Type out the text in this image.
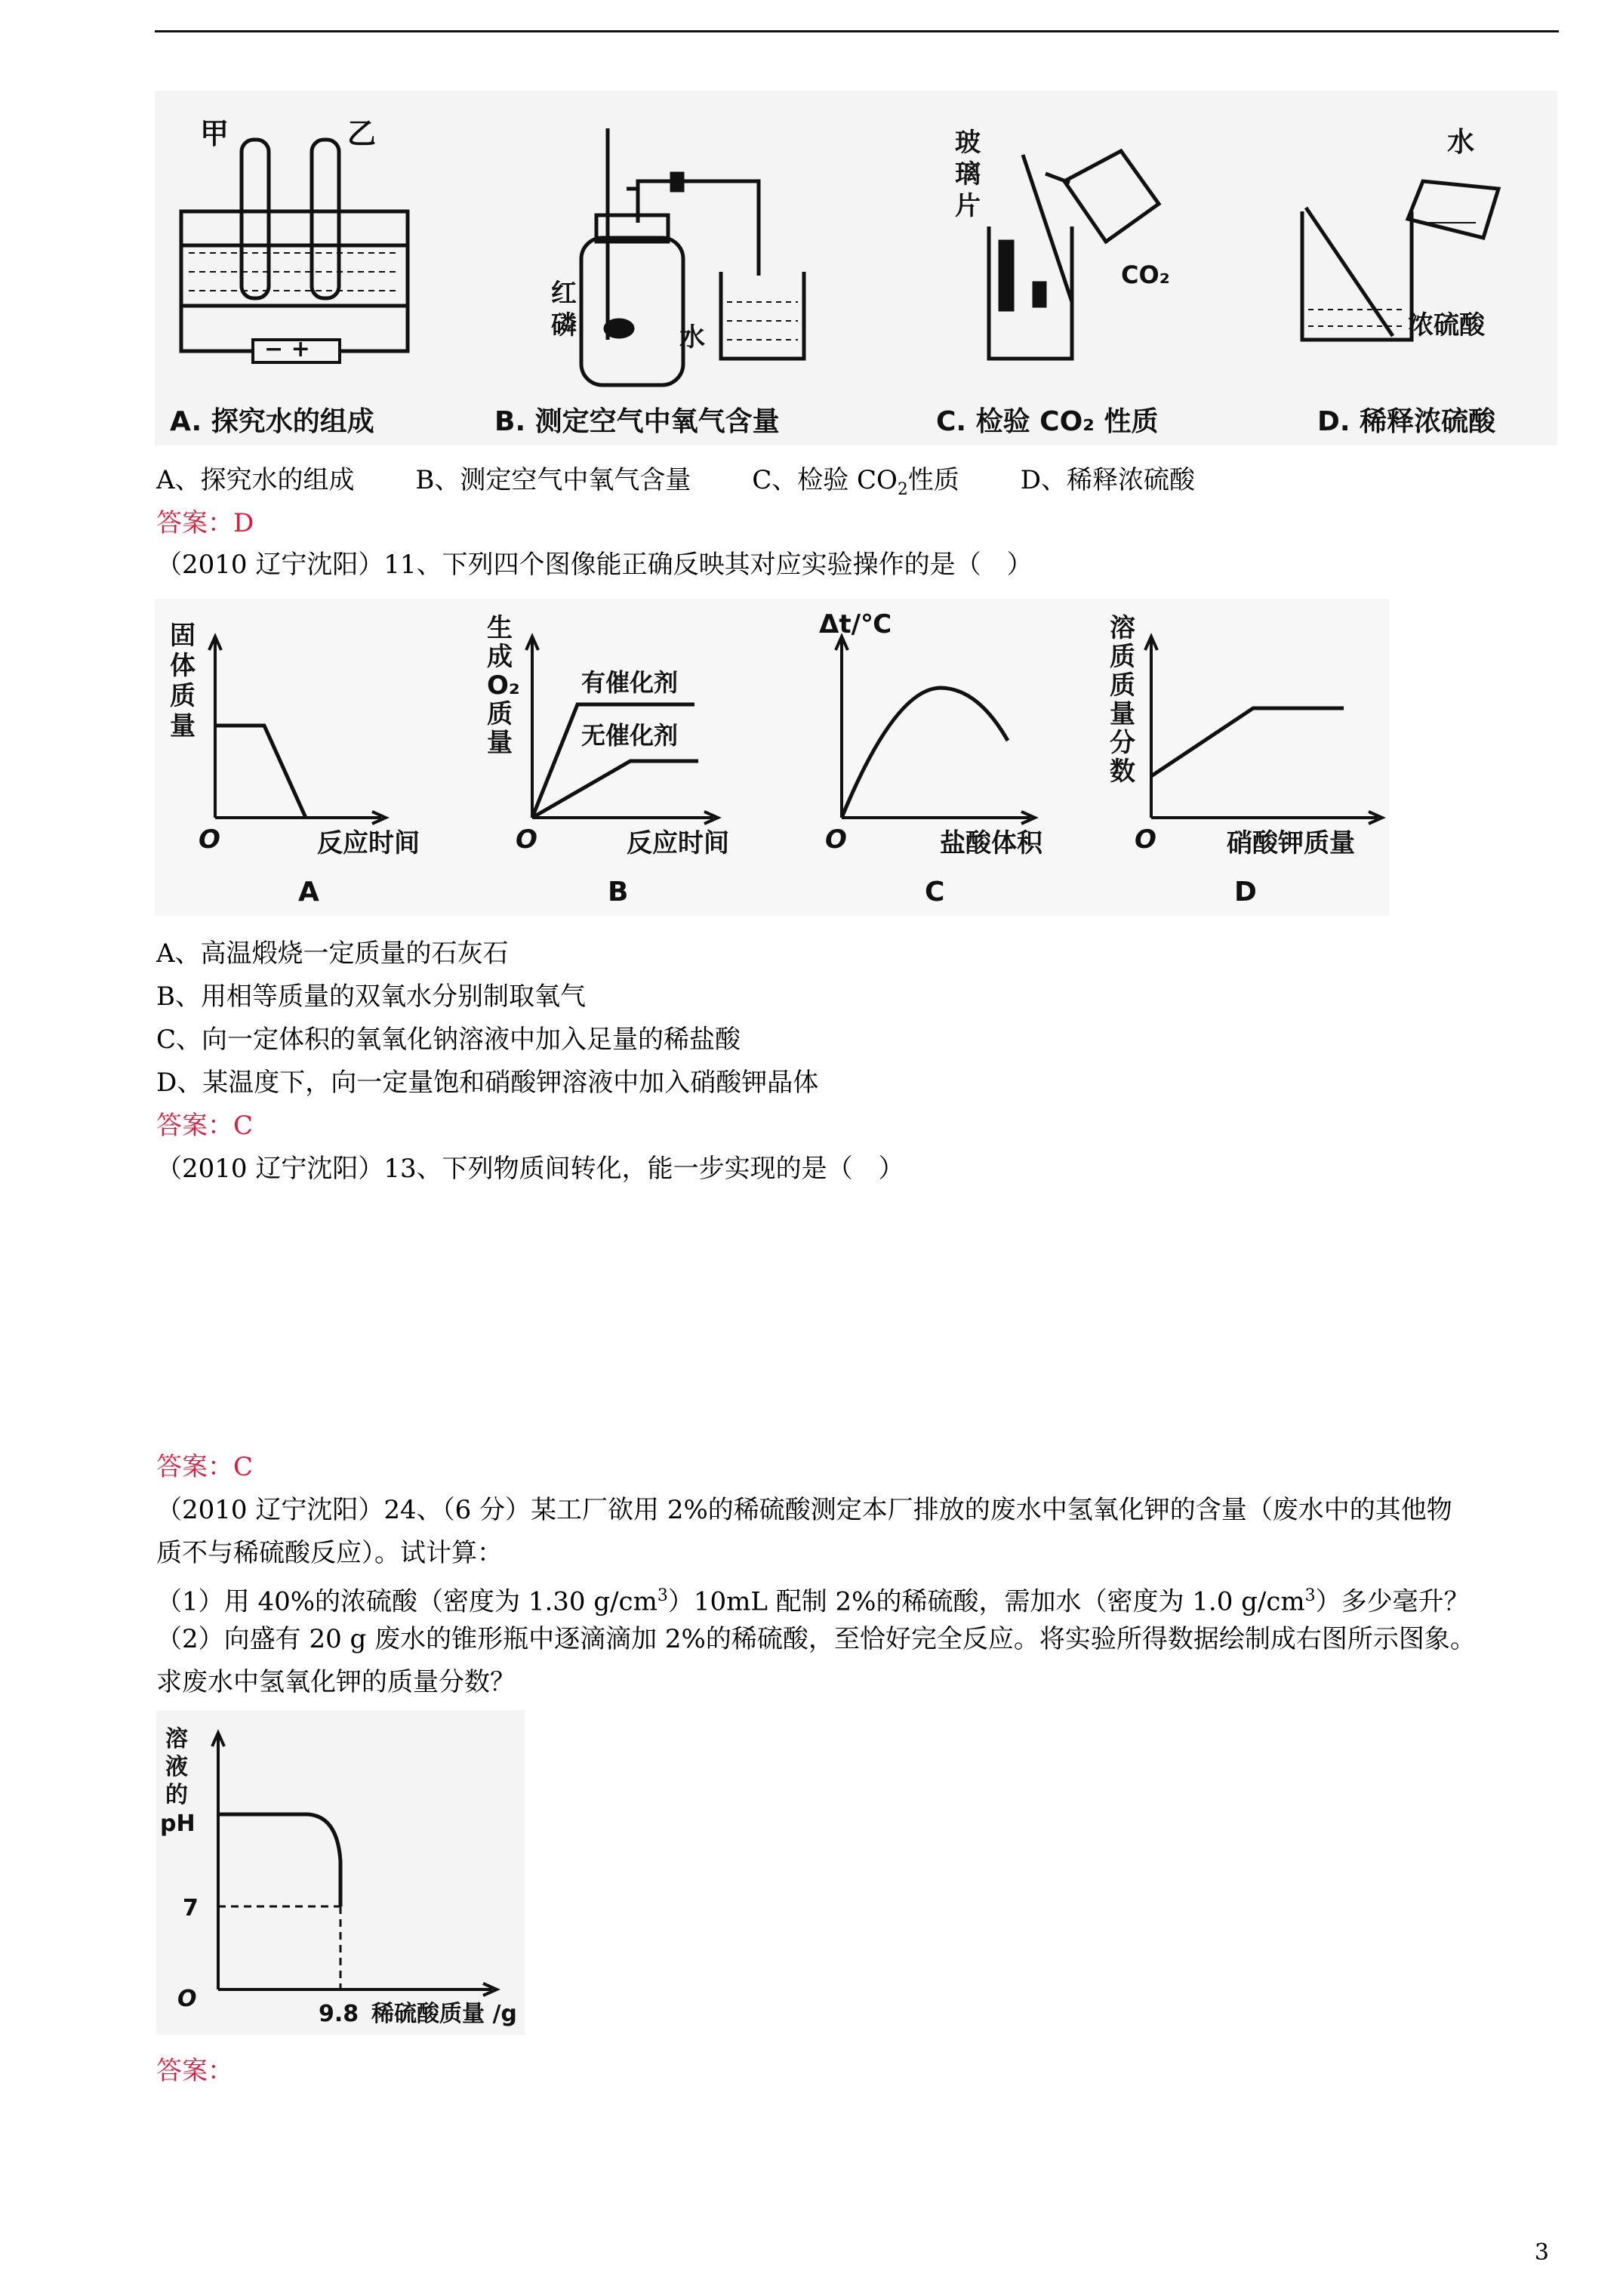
甲	乙
− +
红
磷	水
玻
璃
片
CO₂
水
浓硫酸
A. 探究水的组成	B. 测定空气中氧气含量	C. 检验 CO₂ 性质	D. 稀释浓硫酸
A、探究水的组成 B、测定空气中氧气含量 C、检验 $CO_2$性质 D、稀释浓硫酸
答案：D
（2010 辽宁沈阳）11、下列四个图像能正确反映其对应实验操作的是（　）
固
体
质
量
O	反应时间
A
生
成
O₂
质
量
O	反应时间
有催化剂
无催化剂
B
Δt/℃
O	盐酸体积
C
溶
质
质
量
分
数
O	硝酸钾质量
D
A、高温煅烧一定质量的石灰石
B、用相等质量的双氧水分别制取氧气
C、向一定体积的氧氧化钠溶液中加入足量的稀盐酸
D、某温度下，向一定量饱和硝酸钾溶液中加入硝酸钾晶体
答案：C
（2010 辽宁沈阳）13、下列物质间转化，能一步实现的是（　）
答案：C
（2010 辽宁沈阳）24、（6 分）某工厂欲用 2%的稀硫酸测定本厂排放的废水中氢氧化钾的含量（废水中的其他物
质不与稀硫酸反应）。试计算：
（1）用 40%的浓硫酸（密度为 1.30 $g/cm^3)10mL$ 配制 2%的稀硫酸，需加水（密度为 1.0 $g/cm^3$）多少毫升？
（2）向盛有 20 g 废水的锥形瓶中逐滴滴加 2%的稀硫酸，至恰好完全反应。将实验所得数据绘制成右图所示图象。
求废水中氢氧化钾的质量分数？
溶
液
的
pH
7
O
9.8 稀硫酸质量 /g
答案：
3
